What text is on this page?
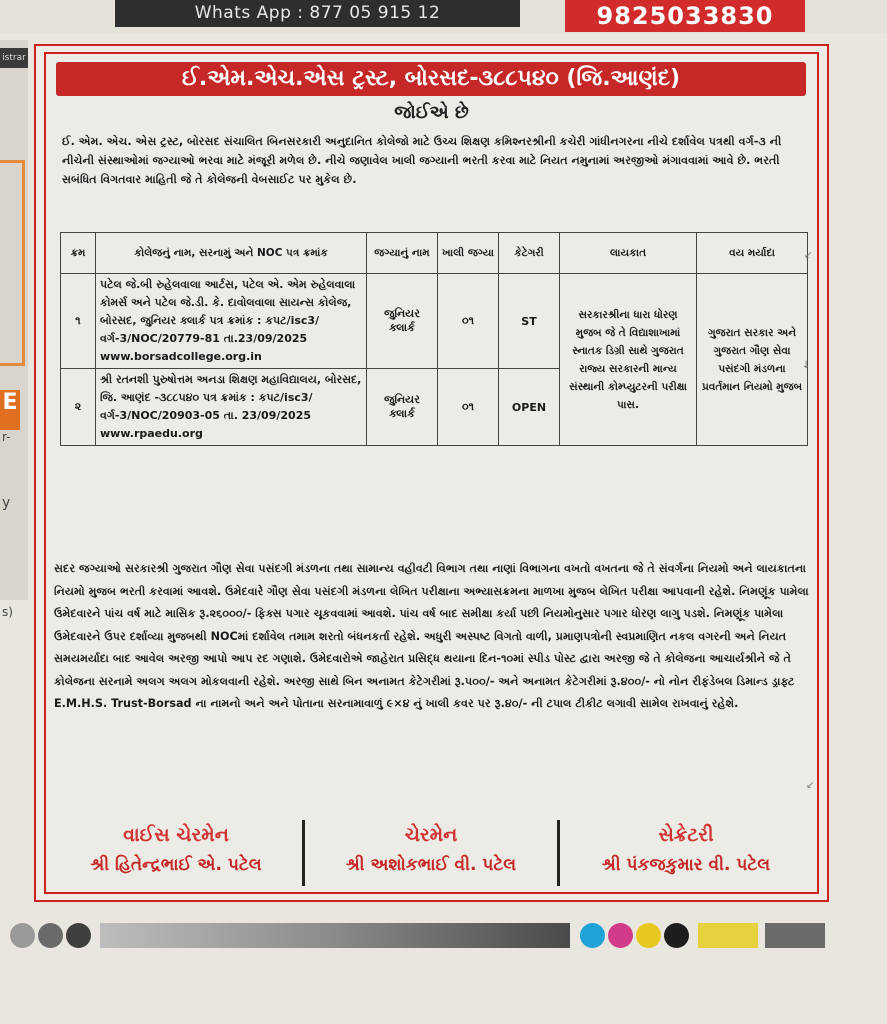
Whats App : 877 05 915 12	9825033830
istrar
E
r-
y
s)
ઈ.એમ.એચ.એસ ટ્રસ્ટ, બોરસદ-૩૮૮૫૪૦ (જિ.આણંદ)
જોઈએ છે
ઈ. એમ. એચ. એસ ટ્રસ્ટ, બોરસદ સંચાલિત બિનસરકારી અનુદાનિત કોલેજો માટે ઉચ્ચ શિક્ષણ કમિશ્નરશ્રીની કચેરી ગાંધીનગરના નીચે દર્શાવેલ પત્રથી વર્ગ-૩ ની નીચેની સંસ્થાઓમાં જગ્યાઓ ભરવા માટે મંજૂરી મળેલ છે. નીચે જણાવેલ ખાલી જગ્યાની ભરતી કરવા માટે નિયત નમુનામાં અરજીઓ મંગાવવામાં આવે છે. ભરતી સબંધિત વિગતવાર માહિતી જે તે કોલેજની વેબસાઈટ પર મુકેલ છે.
ક્રમ	કોલેજનું નામ, સરનામું અને NOC પત્ર ક્રમાંક	જગ્યાનું નામ	ખાલી જગ્યા	કેટેગરી	લાયકાત	વય મર્યાદા
૧	પટેલ જે.બી રુહેલવાલા આર્ટસ, પટેલ એ. એમ રુહેલવાલા કોમર્સ અને પટેલ જે.ડી. કે. દાવોલવાલા સાયન્સ કોલેજ, બોરસદ, જુનિયર ક્લાર્ક પત્ર ક્રમાંક : કપટ/isc3/વર્ગ-3/NOC/20779-81 તા.23/09/2025
www.borsadcollege.org.in	જુનિયર ક્લાર્ક	૦૧	ST	સરકારશ્રીના ધારા ધોરણ મુજબ જે તે વિદ્યાશાખામાં સ્નાતક ડિગ્રી સાથે ગુજરાત રાજ્ય સરકારની માન્ય સંસ્થાની કોમ્પ્યુટરની પરીક્ષા પાસ.	ગુજરાત સરકાર અને ગુજરાત ગૌણ સેવા પસંદગી મંડળના પ્રવર્તમાન નિયમો મુજબ
૨	શ્રી રતનશી પુરુષોત્તમ અનડા શિક્ષણ મહાવિદ્યાલય, બોરસદ, જિ. આણંદ -૩૮૮૫૪૦ પત્ર ક્રમાંક : કપટ/isc3/વર્ગ-3/NOC/20903-05 તા. 23/09/2025
www.rpaedu.org	જુનિયર ક્લાર્ક	૦૧	OPEN		
સદર જગ્યાઓ સરકારશ્રી ગુજરાત ગૌણ સેવા પસંદગી મંડળના તથા સામાન્ય વહીવટી વિભાગ તથા નાણાં વિભાગના વખતો વખતના જે તે સંવર્ગના નિયમો અને લાયકાતના નિયમો મુજબ ભરતી કરવામાં આવશે. ઉમેદવારે ગૌણ સેવા પસંદગી મંડળના લેખિત પરીક્ષાના અભ્યાસક્રમના માળખા મુજબ લેખિત પરીક્ષા આપવાની રહેશે. નિમણૂંક પામેલા ઉમેદવારને પાંચ વર્ષ માટે માસિક રૂ.૨૬૦૦૦/- ફિક્સ પગાર ચૂકવવામાં આવશે. પાંચ વર્ષ બાદ સમીક્ષા કર્યા પછી નિયમોનુસાર પગાર ધોરણ લાગુ પડશે. નિમણૂંક પામેલા ઉમેદવારને ઉપર દર્શાવ્યા મુજબથી NOCમાં દર્શાવેલ તમામ શરતો બંધનકર્તા રહેશે. અધુરી અસ્પષ્ટ વિગતો વાળી, પ્રમાણપત્રોની સ્વપ્રમાણિત નકલ વગરની અને નિયત સમયમર્યાદા બાદ આવેલ અરજી આપો આપ રદ ગણાશે. ઉમેદવારોએ જાહેરાત પ્રસિદ્ધ થયાના દિન-૧૦માં સ્પીડ પોસ્ટ દ્વારા અરજી જે તે કોલેજના આચાર્યશ્રીને જે તે કોલેજના સરનામે અલગ અલગ મોકલવાની રહેશે. અરજી સાથે બિન અનામત કેટેગરીમાં રૂ.૫૦૦/- અને અનામત કેટેગરીમાં રૂ.૪૦૦/- નો નોન રીફંડેબલ ડિમાન્ડ ડ્રાફ્ટ E.M.H.S. Trust-Borsad ના નામનો અને અને પોતાના સરનામાવાળું ૯×૪ નું ખાલી કવર પર રૂ.૪૦/- ની ટપાલ ટીકીટ લગાવી સામેલ રાખવાનું રહેશે.
વાઈસ ચેરમેન
શ્રી હિતેન્દ્રભાઈ એ. પટેલ
ચેરમેન
શ્રી અશોકભાઈ વી. પટેલ
સેક્રેટરી
શ્રી પંકજકુમાર વી. પટેલ
↙
↓
↙
